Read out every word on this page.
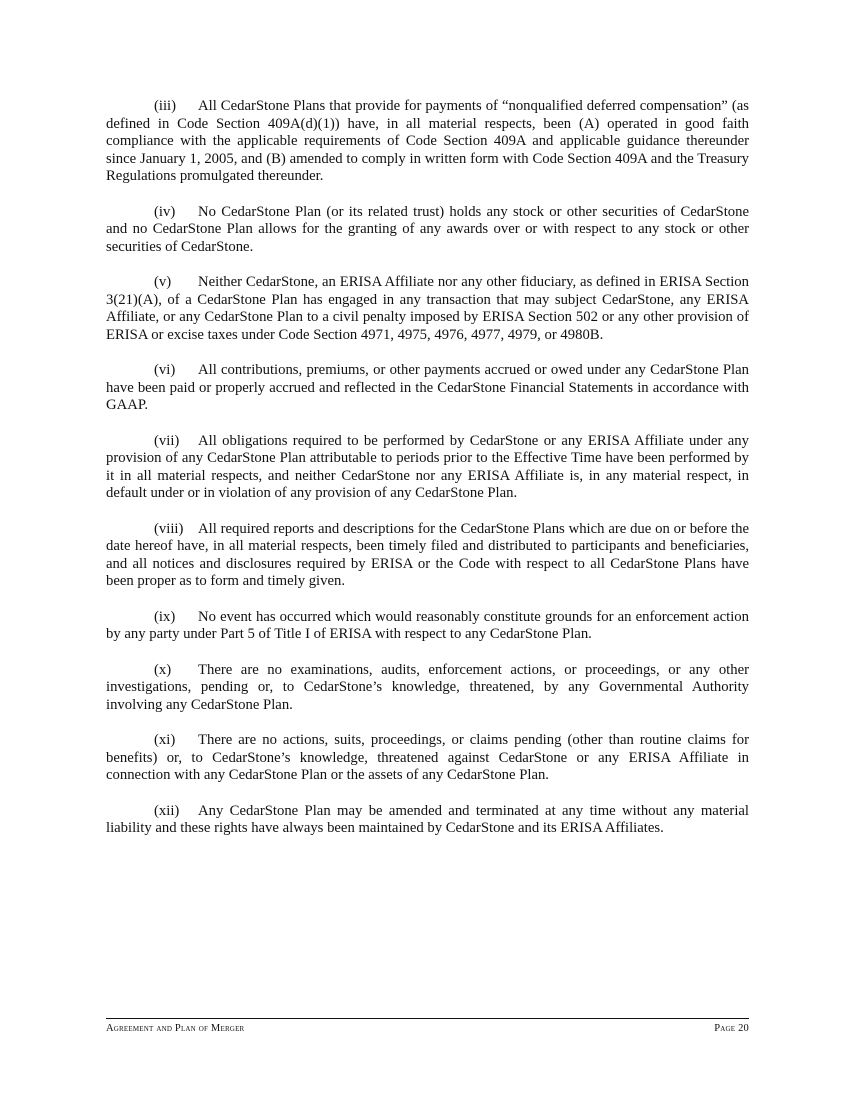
(iii) All CedarStone Plans that provide for payments of “nonqualified deferred compensation” (as defined in Code Section 409A(d)(1)) have, in all material respects, been (A) operated in good faith compliance with the applicable requirements of Code Section 409A and applicable guidance thereunder since January 1, 2005, and (B) amended to comply in written form with Code Section 409A and the Treasury Regulations promulgated thereunder.

(iv) No CedarStone Plan (or its related trust) holds any stock or other securities of CedarStone and no CedarStone Plan allows for the granting of any awards over or with respect to any stock or other securities of CedarStone.

(v) Neither CedarStone, an ERISA Affiliate nor any other fiduciary, as defined in ERISA Section 3(21)(A), of a CedarStone Plan has engaged in any transaction that may subject CedarStone, any ERISA Affiliate, or any CedarStone Plan to a civil penalty imposed by ERISA Section 502 or any other provision of ERISA or excise taxes under Code Section 4971, 4975, 4976, 4977, 4979, or 4980B.

(vi) All contributions, premiums, or other payments accrued or owed under any CedarStone Plan have been paid or properly accrued and reflected in the CedarStone Financial Statements in accordance with GAAP.

(vii) All obligations required to be performed by CedarStone or any ERISA Affiliate under any provision of any CedarStone Plan attributable to periods prior to the Effective Time have been performed by it in all material respects, and neither CedarStone nor any ERISA Affiliate is, in any material respect, in default under or in violation of any provision of any CedarStone Plan.

(viii) All required reports and descriptions for the CedarStone Plans which are due on or before the date hereof have, in all material respects, been timely filed and distributed to participants and beneficiaries, and all notices and disclosures required by ERISA or the Code with respect to all CedarStone Plans have been proper as to form and timely given.

(ix) No event has occurred which would reasonably constitute grounds for an enforcement action by any party under Part 5 of Title I of ERISA with respect to any CedarStone Plan.

(x) There are no examinations, audits, enforcement actions, or proceedings, or any other investigations, pending or, to CedarStone’s knowledge, threatened, by any Governmental Authority involving any CedarStone Plan.

(xi) There are no actions, suits, proceedings, or claims pending (other than routine claims for benefits) or, to CedarStone’s knowledge, threatened against CedarStone or any ERISA Affiliate in connection with any CedarStone Plan or the assets of any CedarStone Plan.

(xii) Any CedarStone Plan may be amended and terminated at any time without any material liability and these rights have always been maintained by CedarStone and its ERISA Affiliates.

Agreement and Plan of Merger	Page 20
